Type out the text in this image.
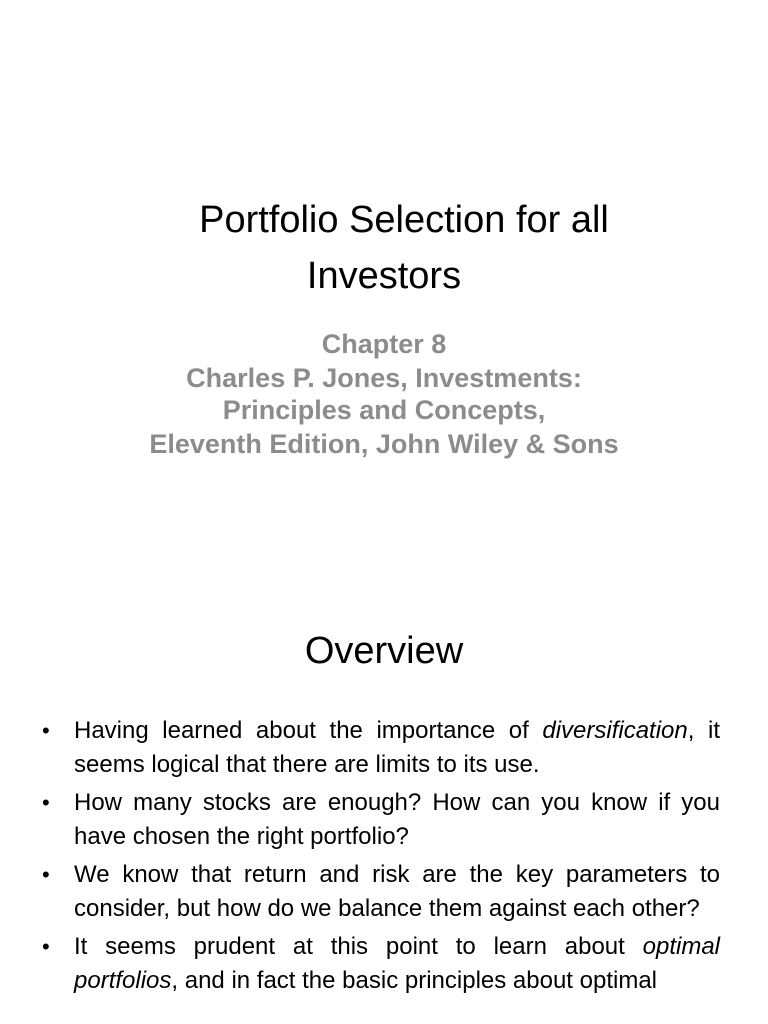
Portfolio Selection for all
Investors
Chapter 8
Charles P. Jones, Investments:
Principles and Concepts,
Eleventh Edition, John Wiley & Sons
Overview
• Having learned about the importance of diversification, it seems logical that there are limits to its use.
• How many stocks are enough? How can you know if you have chosen the right portfolio?
• We know that return and risk are the key parameters to consider, but how do we balance them against each other?
• It seems prudent at this point to learn about optimal portfolios, and in fact the basic principles about optimal
